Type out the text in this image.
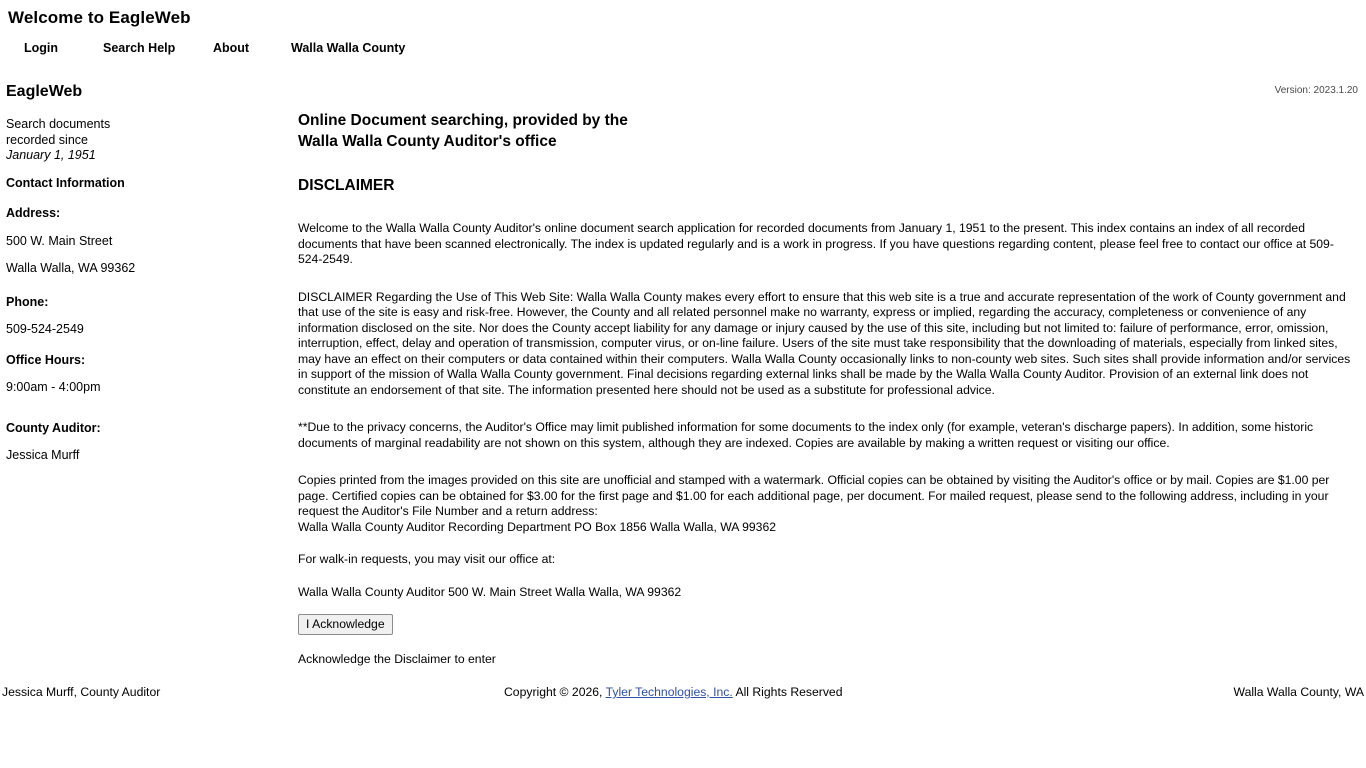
Welcome to EagleWeb
Login	Search Help	About	Walla Walla County
Version: 2023.1.20
EagleWeb
Search documents
recorded since
January 1, 1951
Contact Information
Address:
500 W. Main Street
Walla Walla, WA 99362
Phone:
509-524-2549
Office Hours:
9:00am - 4:00pm
County Auditor:
Jessica Murff
Online Document searching, provided by the
Walla Walla County Auditor's office
DISCLAIMER
Welcome to the Walla Walla County Auditor's online document search application for recorded documents from January 1, 1951 to the present. This index contains an index of all recorded documents that have been scanned electronically. The index is updated regularly and is a work in progress. If you have questions regarding content, please feel free to contact our office at 509-524-2549.
DISCLAIMER Regarding the Use of This Web Site: Walla Walla County makes every effort to ensure that this web site is a true and accurate representation of the work of County government and that use of the site is easy and risk-free. However, the County and all related personnel make no warranty, express or implied, regarding the accuracy, completeness or convenience of any information disclosed on the site. Nor does the County accept liability for any damage or injury caused by the use of this site, including but not limited to: failure of performance, error, omission, interruption, effect, delay and operation of transmission, computer virus, or on-line failure. Users of the site must take responsibility that the downloading of materials, especially from linked sites, may have an effect on their computers or data contained within their computers. Walla Walla County occasionally links to non-county web sites. Such sites shall provide information and/or services in support of the mission of Walla Walla County government. Final decisions regarding external links shall be made by the Walla Walla County Auditor. Provision of an external link does not constitute an endorsement of that site. The information presented here should not be used as a substitute for professional advice.
**Due to the privacy concerns, the Auditor's Office may limit published information for some documents to the index only (for example, veteran's discharge papers). In addition, some historic documents of marginal readability are not shown on this system, although they are indexed. Copies are available by making a written request or visiting our office.
Copies printed from the images provided on this site are unofficial and stamped with a watermark. Official copies can be obtained by visiting the Auditor's office or by mail. Copies are $1.00 per page. Certified copies can be obtained for $3.00 for the first page and $1.00 for each additional page, per document. For mailed request, please send to the following address, including in your request the Auditor's File Number and a return address:
Walla Walla County Auditor Recording Department PO Box 1856 Walla Walla, WA 99362
For walk-in requests, you may visit our office at:
Walla Walla County Auditor 500 W. Main Street Walla Walla, WA 99362
I Acknowledge
Acknowledge the Disclaimer to enter
Jessica Murff, County Auditor	Copyright © 2026, Tyler Technologies, Inc. All Rights Reserved	Walla Walla County, WA
